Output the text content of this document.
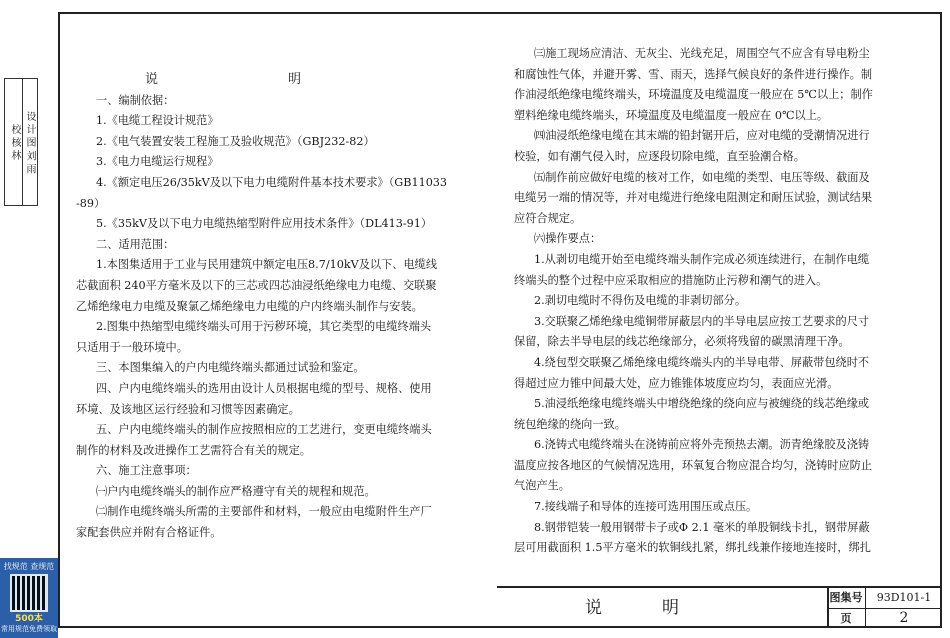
校 核 林 设 计 图 刘 雨

说明

一、编制依据：

1.《电缆工程设计规范》

2.《电气装置安装工程施工及验收规范》（GBJ232-82）

3.《电力电缆运行规程》

4.《额定电压26/35kV及以下电力电缆附件基本技术要求》（GB11033

-89）

5.《35kV及以下电力电缆热缩型附件应用技术条件》（DL413-91）

二、适用范围：

1.本图集适用于工业与民用建筑中额定电压8.7/10kV及以下、电缆线

芯截面积 240平方毫米及以下的三芯或四芯油浸纸绝缘电力电缆、交联聚

乙烯绝缘电力电缆及聚氯乙烯绝缘电力电缆的户内终端头制作与安装。

2.图集中热缩型电缆终端头可用于污秽环境，其它类型的电缆终端头

只适用于一般环境中。

三、本图集编入的户内电缆终端头都通过试验和鉴定。

四、户内电缆终端头的选用由设计人员根据电缆的型号、规格、使用

环境、及该地区运行经验和习惯等因素确定。

五、户内电缆终端头的制作应按照相应的工艺进行，变更电缆终端头

制作的材料及改进操作工艺需符合有关的规定。

六、施工注意事项：

㈠户内电缆终端头的制作应严格遵守有关的规程和规范。

㈡制作电缆终端头所需的主要部件和材料，一般应由电缆附件生产厂

家配套供应并附有合格证件。

㈢施工现场应清洁、无灰尘、光线充足，周围空气不应含有导电粉尘

和腐蚀性气体，并避开雾、雪、雨天，选择气候良好的条件进行操作。制

作油浸纸绝缘电缆终端头，环境温度及电缆温度一般应在 5℃以上；制作

塑料绝缘电缆终端头，环境温度及电缆温度一般应在 0℃以上。

㈣油浸纸绝缘电缆在其末端的铅封锯开后，应对电缆的受潮情况进行

校验，如有潮气侵入时，应逐段切除电缆，直至验潮合格。

㈤制作前应做好电缆的核对工作，如电缆的类型、电压等级、截面及

电缆另一端的情况等，并对电缆进行绝缘电阻测定和耐压试验，测试结果

应符合规定。

㈥操作要点：

1.从剥切电缆开始至电缆终端头制作完成必须连续进行，在制作电缆

终端头的整个过程中应采取相应的措施防止污秽和潮气的进入。

2.剥切电缆时不得伤及电缆的非剥切部分。

3.交联聚乙烯绝缘电缆铜带屏蔽层内的半导电层应按工艺要求的尺寸

保留，除去半导电层的线芯绝缘部分，必须将残留的碳黑清理干净。

4.绕包型交联聚乙烯绝缘电缆终端头内的半导电带、屏蔽带包绕时不

得超过应力锥中间最大处，应力锥锥体坡度应均匀，表面应光滑。

5.油浸纸绝缘电缆终端头中增绕绝缘的绕向应与被缠绕的线芯绝缘或

统包绝缘的绕向一致。

6.浇铸式电缆终端头在浇铸前应将外壳预热去潮。沥青绝缘胶及浇铸

温度应按各地区的气候情况选用，环氧复合物应混合均匀，浇铸时应防止

气泡产生。

7.接线端子和导体的连接可选用围压或点压。

8.钢带铠装一般用钢带卡子或Φ 2.1 毫米的单股铜线卡扎，钢带屏蔽

层可用截面积 1.5平方毫米的软铜线扎紧，绑扎线兼作接地连接时，绑扎

说明
图集号	93D101-1
页	2
找规范 查规范
500本
常用规范免费领取
